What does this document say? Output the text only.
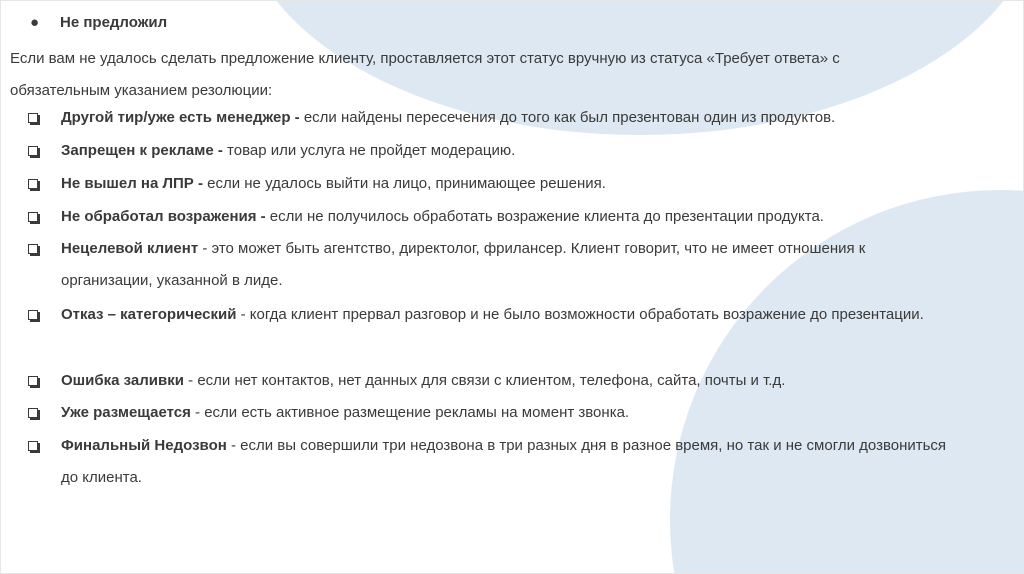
● Не предложил
Если вам не удалось сделать предложение клиенту, проставляется этот статус вручную из статуса «Требует ответа» с обязательным указанием резолюции:
Другой тир/уже есть менеджер - если найдены пересечения до того как был презентован один из продуктов.
Запрещен к рекламе - товар или услуга не пройдет модерацию.
Не вышел на ЛПР - если не удалось выйти на лицо, принимающее решения.
Не обработал возражения - если не получилось обработать возражение клиента до презентации продукта.
Нецелевой клиент - это может быть агентство, директолог, фрилансер. Клиент говорит, что не имеет отношения к организации, указанной в лиде.
Отказ – категорический - когда клиент прервал разговор и не было возможности обработать возражение до презентации.
Ошибка заливки - если нет контактов, нет данных для связи с клиентом, телефона, сайта, почты и т.д.
Уже размещается - если есть активное размещение рекламы на момент звонка.
Финальный Недозвон - если вы совершили три недозвона в три разных дня в разное время, но так и не смогли дозвониться до клиента.
